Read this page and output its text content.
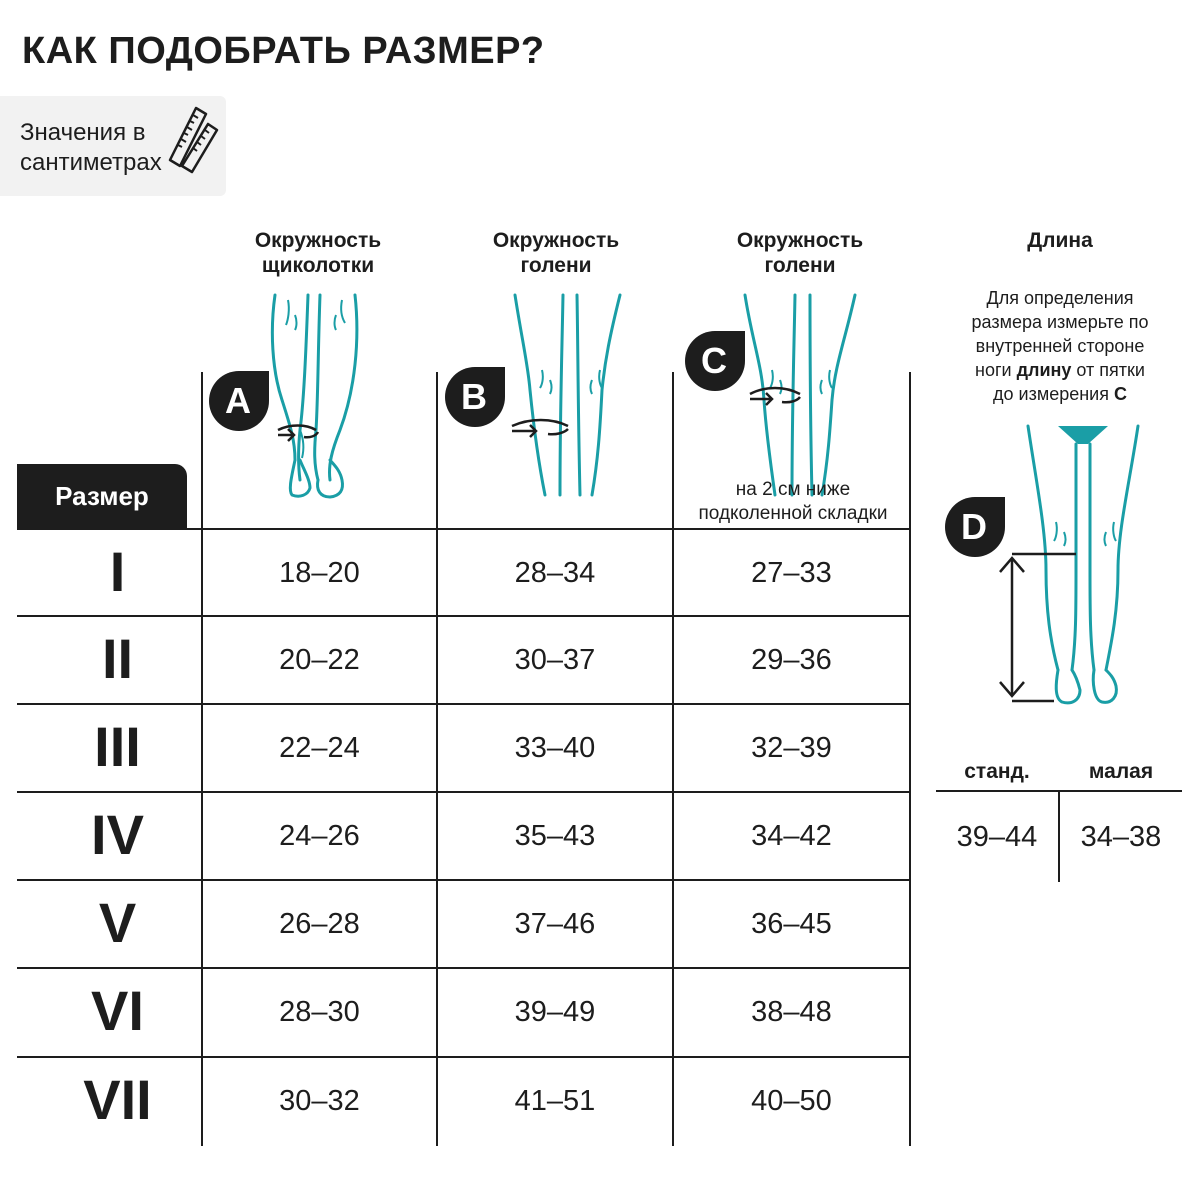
КАК ПОДОБРАТЬ РАЗМЕР?
Значения в
сантиметрах
Окружность
щиколотки
Окружность
голени
Окружность
голени
Длина
A	B
C
на 2 см ниже
подколенной складки
Для определения
размера измерьте по
внутренней стороне
ноги длину от пятки
до измерения C
D
Размер
I	18–20	28–34	27–33
II	20–22	30–37	29–36
III	22–24	33–40	32–39
IV	24–26	35–43	34–42
V	26–28	37–46	36–45
VI	28–30	39–49	38–48
VII	30–32	41–51	40–50
станд.	малая
39–44	34–38
